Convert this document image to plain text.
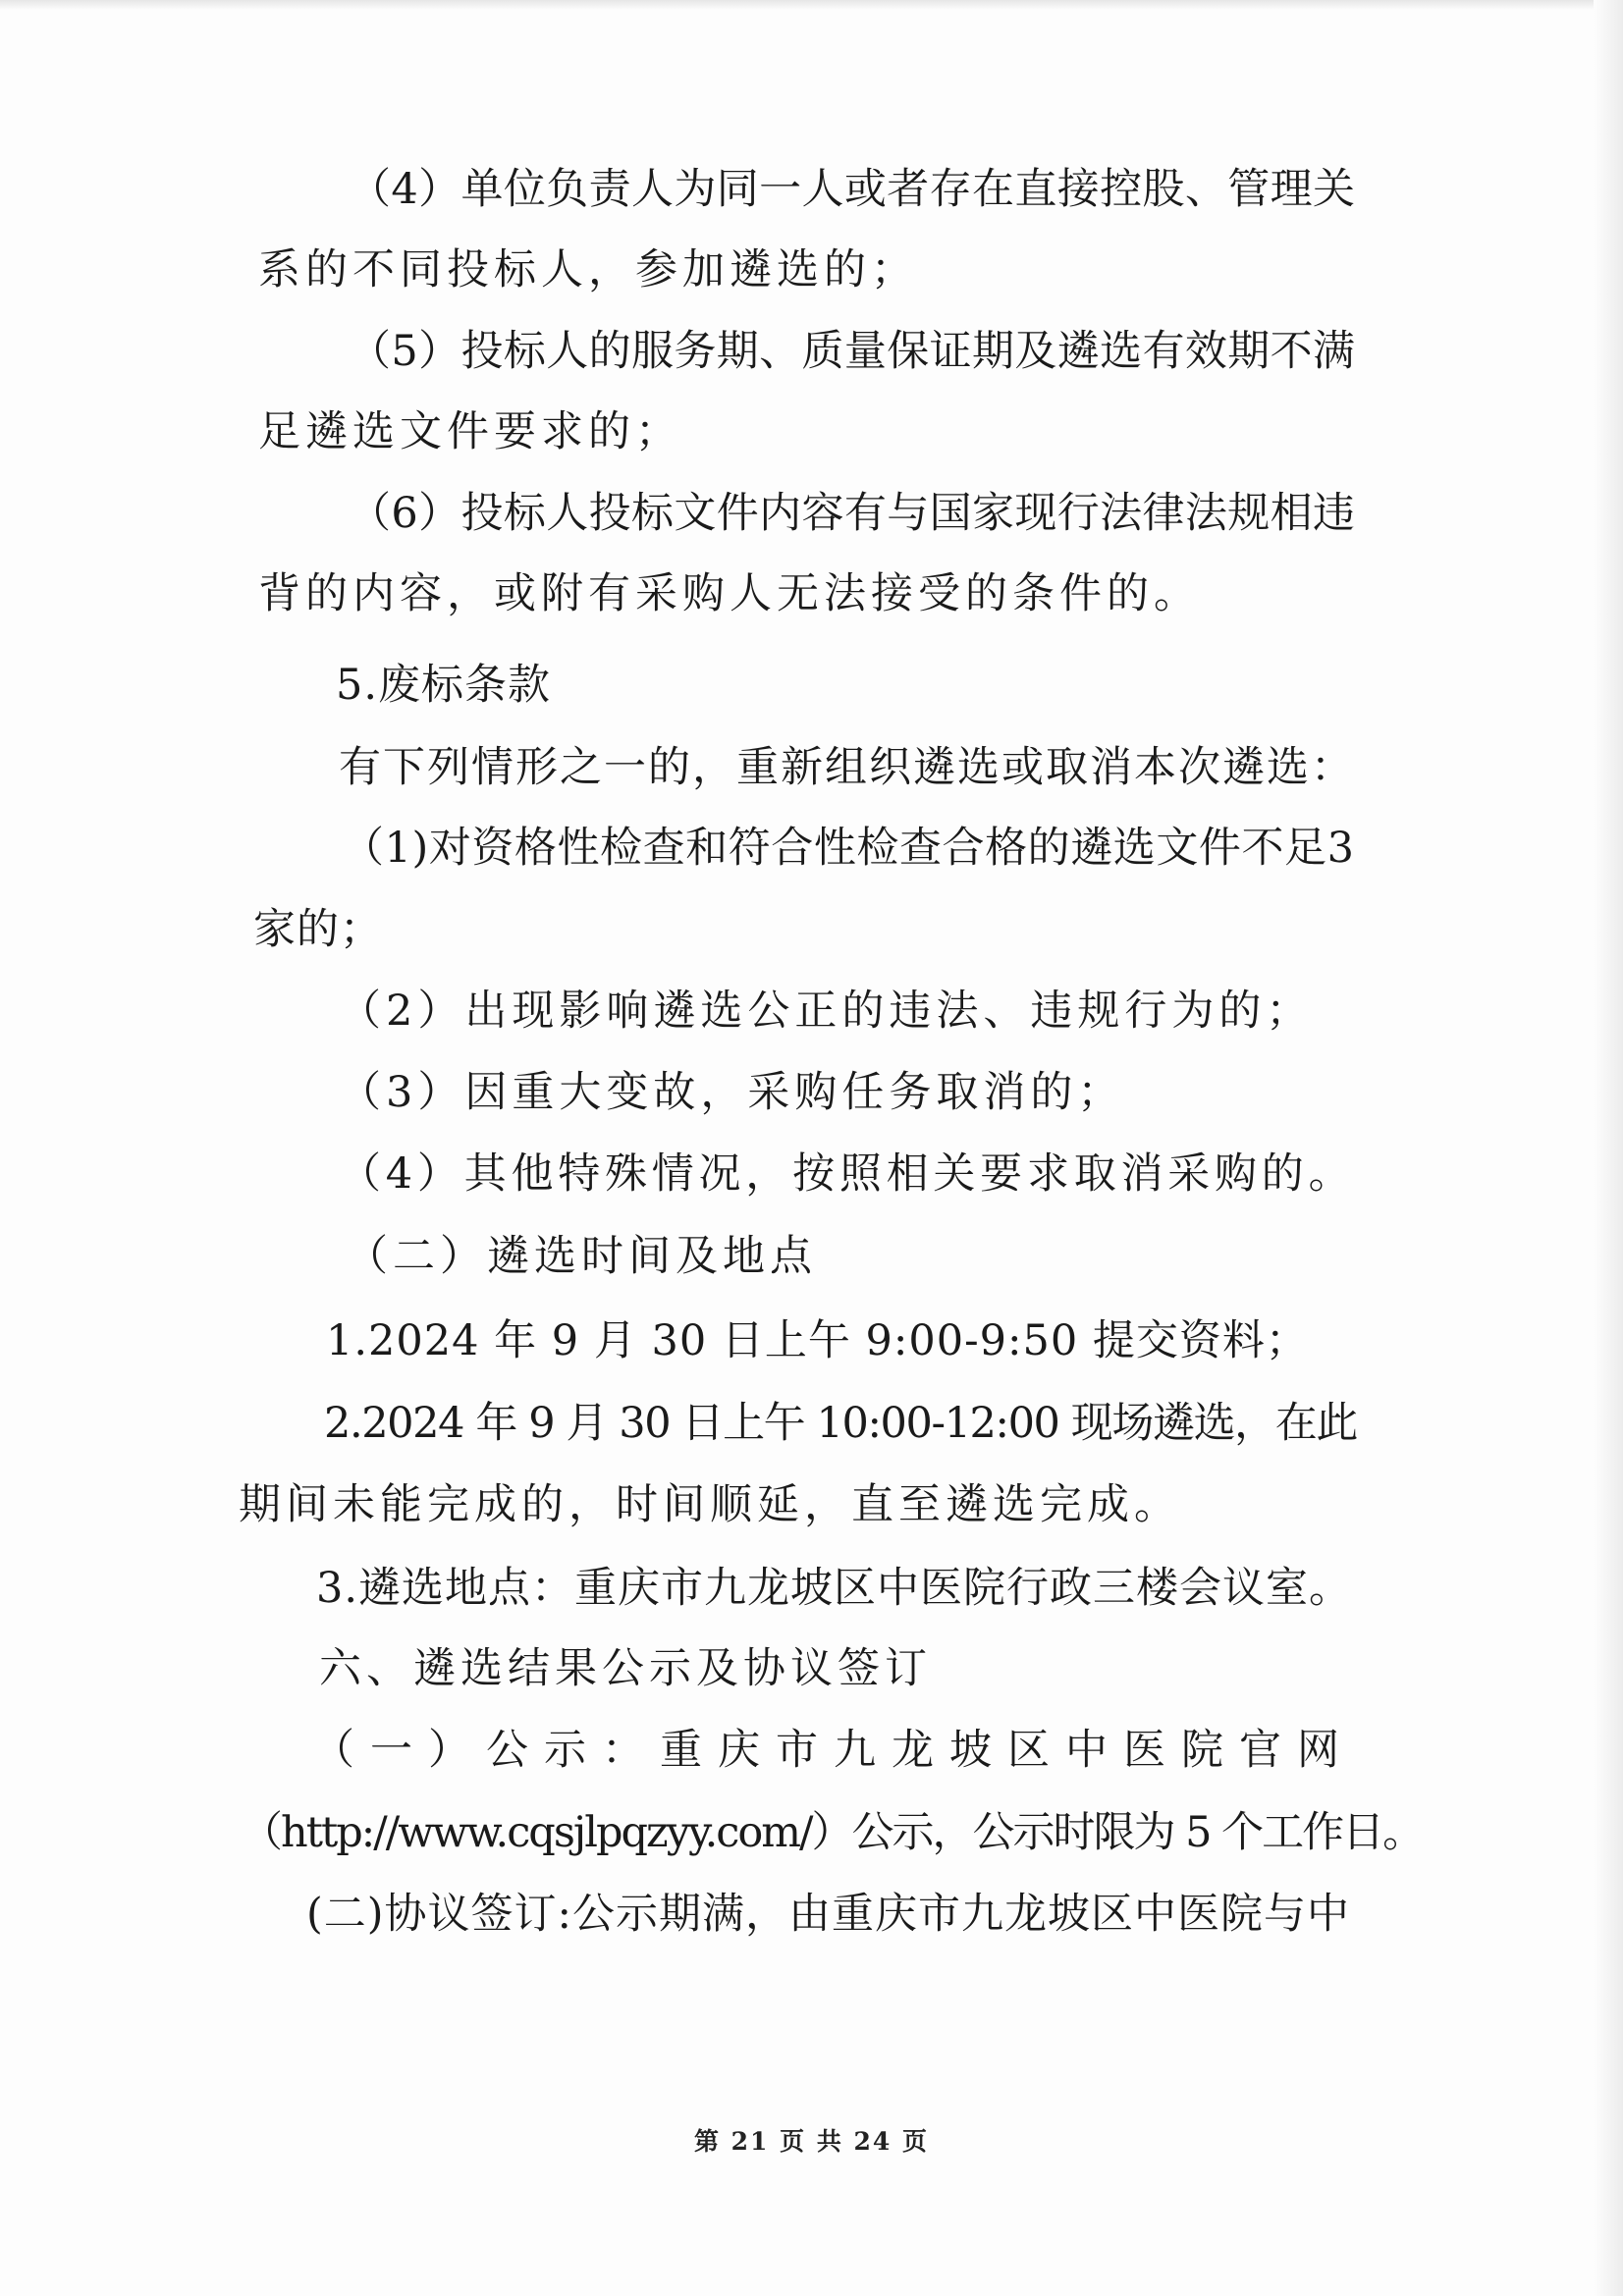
（4）单位负责人为同一人或者存在直接控股、管理关
系的不同投标人，参加遴选的；
（5）投标人的服务期、质量保证期及遴选有效期不满
足遴选文件要求的；
（6）投标人投标文件内容有与国家现行法律法规相违
背的内容，或附有采购人无法接受的条件的。
5.废标条款
有下列情形之一的，重新组织遴选或取消本次遴选：
（1)对资格性检查和符合性检查合格的遴选文件不足3
家的；
（2）出现影响遴选公正的违法、违规行为的；
（3）因重大变故，采购任务取消的；
（4）其他特殊情况，按照相关要求取消采购的。
（二）遴选时间及地点
1.2024 年 9 月 30 日上午 9:00-9:50 提交资料；
2.2024 年 9 月 30 日上午 10:00-12:00 现场遴选，在此
期间未能完成的，时间顺延，直至遴选完成。
3.遴选地点：重庆市九龙坡区中医院行政三楼会议室。
六、遴选结果公示及协议签订
（一）公示：重庆市九龙坡区中医院官网
（http://www.cqsjlpqzyy.com/）公示，公示时限为 5 个工作日。
(二)协议签订:公示期满，由重庆市九龙坡区中医院与中
第 21 页 共 24 页
